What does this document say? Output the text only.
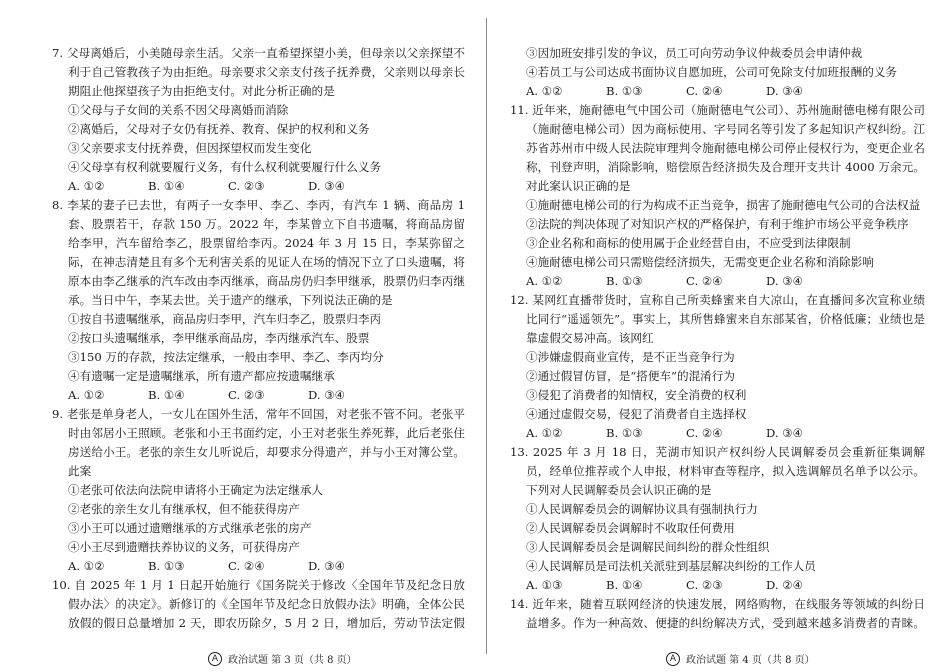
7. 父母离婚后，小美随母亲生活。父亲一直希望探望小美，但母亲以父亲探望不利于自己管教孩子为由拒绝。母亲要求父亲支付孩子抚养费，父亲则以母亲长期阻止他探望孩子为由拒绝支付。对此分析正确的是
①父母与子女间的关系不因父母离婚而消除
②离婚后，父母对子女仍有抚养、教育、保护的权利和义务
③父亲要求支付抚养费，但因探望权而发生变化
④父母享有权利就要履行义务，有什么权利就要履行什么义务
A. ①②	B. ①④	C. ②③	D. ③④
8. 李某的妻子已去世，有两子一女李甲、李乙、李丙，有汽车 1 辆、商品房 1 套、股票若干，存款 150 万。2022 年，李某曾立下自书遗嘱，将商品房留给李甲，汽车留给李乙，股票留给李丙。2024 年 3 月 15 日，李某弥留之际，在神志清楚且有多个无利害关系的见证人在场的情况下立了口头遗嘱，将原本由李乙继承的汽车改由李丙继承，商品房仍归李甲继承，股票仍归李丙继承。当日中午，李某去世。关于遗产的继承，下列说法正确的是
①按自书遗嘱继承，商品房归李甲，汽车归李乙，股票归李丙
②按口头遗嘱继承，李甲继承商品房，李丙继承汽车、股票
③150 万的存款，按法定继承，一般由李甲、李乙、李丙均分
④有遗嘱一定是遗嘱继承，所有遗产都应按遗嘱继承
A. ①②	B. ①④	C. ②③	D. ③④
9. 老张是单身老人，一女儿在国外生活，常年不回国，对老张不管不问。老张平时由邻居小王照顾。老张和小王书面约定，小王对老张生养死葬，此后老张住房送给小王。老张的亲生女儿听说后，却要求分得遗产，并与小王对簿公堂。此案
①老张可依法向法院申请将小王确定为法定继承人
②老张的亲生女儿有继承权，但不能获得房产
③小王可以通过遗赠继承的方式继承老张的房产
④小王尽到遗赠扶养协议的义务，可获得房产
A. ①②	B. ①③	C. ②④	D. ③④
10. 自 2025 年 1 月 1 日起开始施行《国务院关于修改〈全国年节及纪念日放假办法〉的决定》。新修订的《全国年节及纪念日放假办法》明确，全体公民放假的假日总量增加 2 天，即农历除夕，5 月 2 日，增加后，劳动节法定假
③因加班安排引发的争议，员工可向劳动争议仲裁委员会申请仲裁
④若员工与公司达成书面协议自愿加班，公司可免除支付加班报酬的义务
A. ①②	B. ①③	C. ②④	D. ③④
11. 近年来，施耐德电气中国公司（施耐德电气公司）、苏州施耐德电梯有限公司（施耐德电梯公司）因为商标使用、字号同名等引发了多起知识产权纠纷。江苏省苏州市中级人民法院审理判令施耐德电梯公司停止侵权行为，变更企业名称，刊登声明，消除影响，赔偿原告经济损失及合理开支共计 4000 万余元。对此案认识正确的是
①施耐德电梯公司的行为构成不正当竞争，损害了施耐德电气公司的合法权益
②法院的判决体现了对知识产权的严格保护，有利于维护市场公平竞争秩序
③企业名称和商标的使用属于企业经营自由，不应受到法律限制
④施耐德电梯公司只需赔偿经济损失，无需变更企业名称和消除影响
A. ①②	B. ①③	C. ②④	D. ③④
12. 某网红直播带货时，宣称自己所卖蜂蜜来自大凉山，在直播间多次宣称业绩比同行“遥遥领先”。事实上，其所售蜂蜜来自东部某省，价格低廉；业绩也是靠虚假交易冲高。该网红
①涉嫌虚假商业宣传，是不正当竞争行为
②通过假冒仿冒，是“搭便车”的混淆行为
③侵犯了消费者的知情权，安全消费的权利
④通过虚假交易，侵犯了消费者自主选择权
A. ①②	B. ①③	C. ②④	D. ③④
13. 2025 年 3 月 18 日，芜湖市知识产权纠纷人民调解委员会重新征集调解员，经单位推荐或个人申报，材料审查等程序，拟入选调解员名单予以公示。下列对人民调解委员会认识正确的是
①人民调解委员会的调解协议具有强制执行力
②人民调解委员会调解时不收取任何费用
③人民调解委员会是调解民间纠纷的群众性组织
④人民调解员是司法机关派驻到基层解决纠纷的工作人员
A. ①③	B. ①④	C. ②③	D. ②④
14. 近年来，随着互联网经济的快速发展，网络购物，在线服务等领域的纠纷日益增多。作为一种高效、便捷的纠纷解决方式，受到越来越多消费者的青睐。
A 政治试题 第 3 页（共 8 页）	A 政治试题 第 4 页（共 8 页）
